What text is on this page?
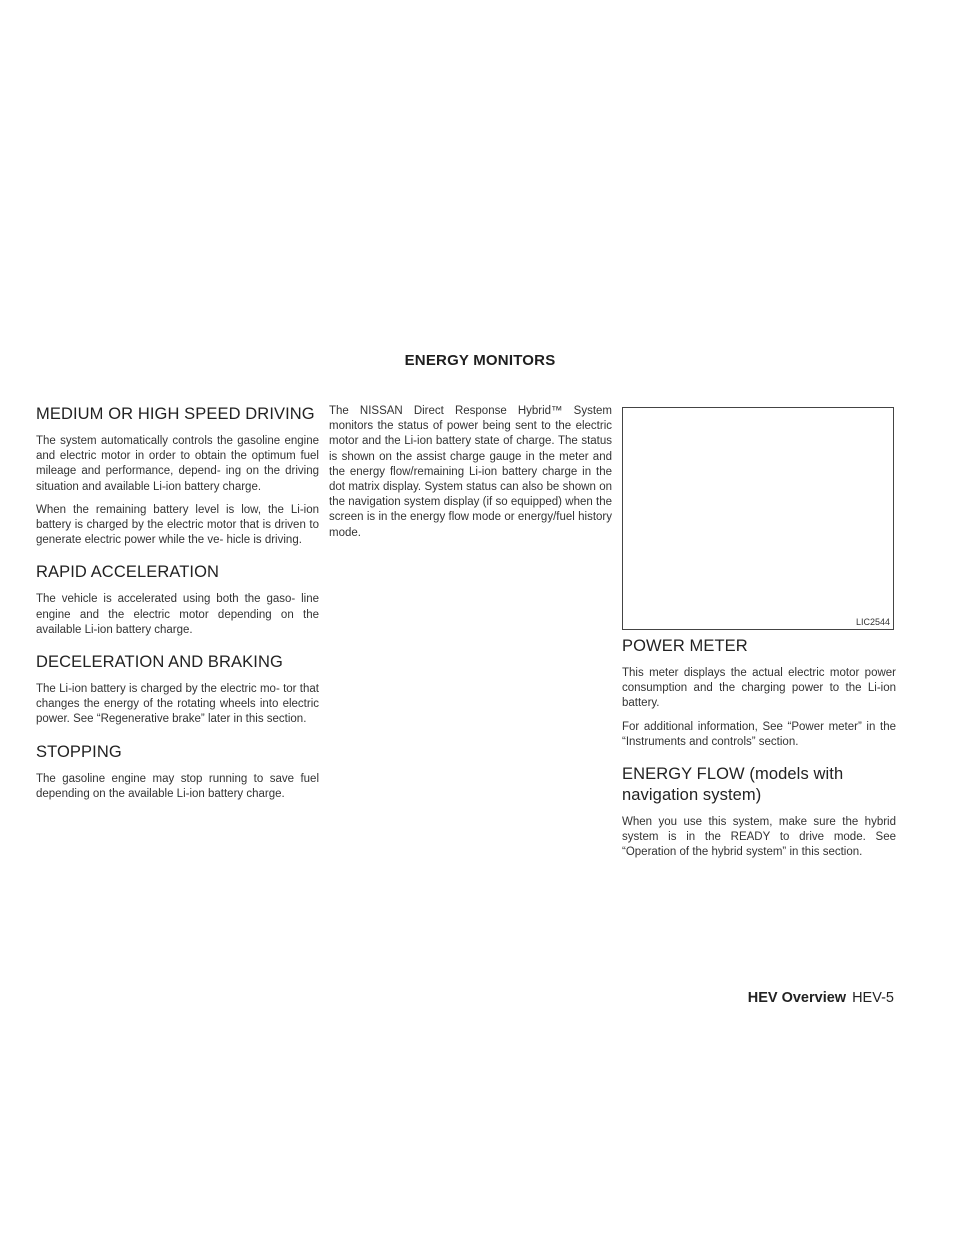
ENERGY MONITORS
MEDIUM OR HIGH SPEED DRIVING

The system automatically controls the gasoline engine and electric motor in order to obtain the optimum fuel mileage and performance, depend- ing on the driving situation and available Li-ion battery charge.

When the remaining battery level is low, the Li-ion battery is charged by the electric motor that is driven to generate electric power while the ve- hicle is driving.

RAPID ACCELERATION

The vehicle is accelerated using both the gaso- line engine and the electric motor depending on the available Li-ion battery charge.

DECELERATION AND BRAKING

The Li-ion battery is charged by the electric mo- tor that changes the energy of the rotating wheels into electric power. See “Regenerative brake” later in this section.

STOPPING

The gasoline engine may stop running to save fuel depending on the available Li-ion battery charge.

The NISSAN Direct Response Hybrid™ System monitors the status of power being sent to the electric motor and the Li-ion battery state of charge. The status is shown on the assist charge gauge in the meter and the energy flow/remaining Li-ion battery charge in the dot matrix display. System status can also be shown on the navigation system display (if so equipped) when the screen is in the energy flow mode or energy/fuel history mode.

LIC2544
POWER METER

This meter displays the actual electric motor power consumption and the charging power to the Li-ion battery.

For additional information, See “Power meter” in the “Instruments and controls” section.

ENERGY FLOW (models with navigation system)

When you use this system, make sure the hybrid system is in the READY to drive mode. See “Operation of the hybrid system” in this section.

HEV Overview HEV-5
